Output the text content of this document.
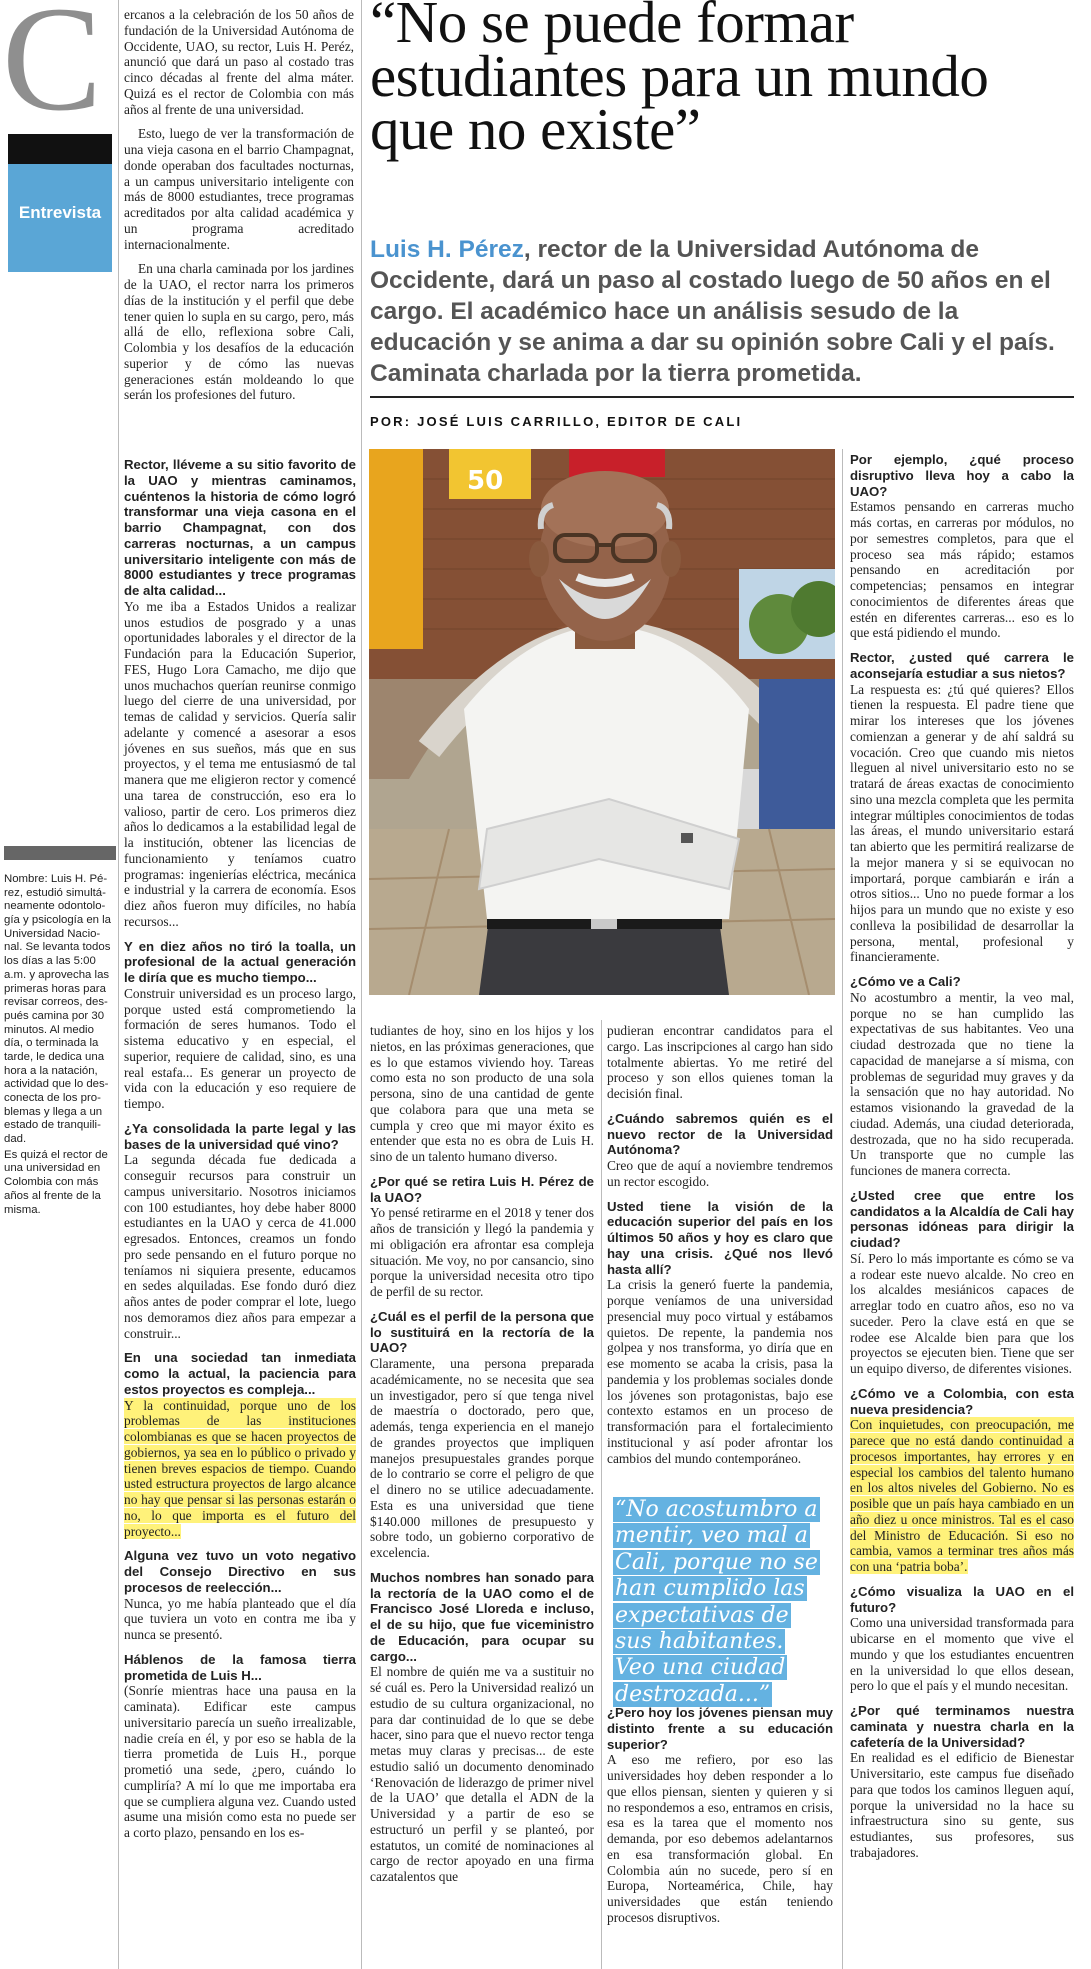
C
Entrevista

Nombre: Luis H. Pé-rez, estudió simultá-neamente odontolo-gía y psicología en la Universidad Nacio-nal. Se levanta todos los días a las 5:00 a.m. y aprovecha las primeras horas para revisar correos, des-pués camina por 30 minutos. Al medio día, o terminada la tarde, le dedica una hora a la natación, actividad que lo des-conecta de los pro-blemas y llega a un estado de tranquili-dad.

Es quizá el rector de una universidad en Colombia con más años al frente de la misma.

ercanos a la celebración de los 50 años de fundación de la Universidad Autónoma de Occidente, UAO, su rector, Luis H. Peréz, anunció que dará un paso al costado tras cinco décadas al frente del alma máter. Quizá es el rector de Colombia con más años al frente de una universidad.

Esto, luego de ver la transformación de una vieja casona en el barrio Champagnat, donde operaban dos facultades nocturnas, a un campus universitario inteligente con más de 8000 estudiantes, trece programas acreditados por alta calidad académica y un programa acreditado internacionalmente.

En una charla caminada por los jardines de la UAO, el rector narra los primeros días de la institución y el perfil que debe tener quien lo supla en su cargo, pero, más allá de ello, reflexiona sobre Cali, Colombia y los desafíos de la educación superior y de cómo las nuevas generaciones están moldeando lo que serán los profesiones del futuro.

“No se puede formar estudiantes para un mundo que no existe”
Luis H. Pérez, rector de la Universidad Autónoma de Occidente, dará un paso al costado luego de 50 años en el cargo. El académico hace un análisis sesudo de la educación y se anima a dar su opinión sobre Cali y el país. Caminata charlada por la tierra prometida.
POR: JOSÉ LUIS CARRILLO, EDITOR DE CALI

Rector, lléveme a su sitio favorito de la UAO y mientras caminamos, cuéntenos la historia de cómo logró transformar una vieja casona en el barrio Champagnat, con dos carreras nocturnas, a un campus universitario inteligente con más de 8000 estudiantes y trece programas de alta calidad...
Yo me iba a Estados Unidos a realizar unos estudios de posgrado y a unas oportunidades laborales y el director de la Fundación para la Educación Superior, FES, Hugo Lora Camacho, me dijo que unos muchachos querían reunirse conmigo luego del cierre de una universidad, por temas de calidad y servicios. Quería salir adelante y comencé a asesorar a esos jóvenes en sus sueños, más que en sus proyectos, y el tema me entusiasmó de tal manera que me eligieron rector y comencé una tarea de construcción, eso era lo valioso, partir de cero. Los primeros diez años lo dedicamos a la estabilidad legal de la institución, obtener las licencias de funcionamiento y teníamos cuatro programas: ingenierías eléctrica, mecánica e industrial y la carrera de economía. Esos diez años fueron muy difíciles, no había recursos...

Y en diez años no tiró la toalla, un profesional de la actual generación le diría que es mucho tiempo...
Construir universidad es un proceso largo, porque usted está comprometiendo la formación de seres humanos. Todo el sistema educativo y en especial, el superior, requiere de calidad, sino, es una real estafa... Es generar un proyecto de vida con la educación y eso requiere de tiempo.

¿Ya consolidada la parte legal y las bases de la universidad qué vino?
La segunda década fue dedicada a conseguir recursos para construir un campus universitario. Nosotros iniciamos con 100 estudiantes, hoy debe haber 8000 estudiantes en la UAO y cerca de 41.000 egresados. Entonces, creamos un fondo pro sede pensando en el futuro porque no teníamos ni siquiera presente, educamos en sedes alquiladas. Ese fondo duró diez años antes de poder comprar el lote, luego nos demoramos diez años para empezar a construir...

En una sociedad tan inmediata como la actual, la paciencia para estos proyectos es compleja...
Y la continuidad, porque uno de los problemas de las instituciones colombianas es que se hacen proyectos de gobiernos, ya sea en lo público o privado y tienen breves espacios de tiempo. Cuando usted estructura proyectos de largo alcance no hay que pensar si las personas estarán o no, lo que importa es el futuro del proyecto...

Alguna vez tuvo un voto negativo del Consejo Directivo en sus procesos de reelección...
Nunca, yo me había planteado que el día que tuviera un voto en contra me iba y nunca se presentó.

Háblenos de la famosa tierra prometida de Luis H...
(Sonríe mientras hace una pausa en la caminata). Edificar este campus universitario parecía un sueño irrealizable, nadie creía en él, y por eso se habla de la tierra prometida de Luis H., porque prometió una sede, ¿pero, cuándo lo cumpliría? A mí lo que me importaba era que se cumpliera alguna vez. Cuando usted asume una misión como esta no puede ser a corto plazo, pensando en los es-

50

tudiantes de hoy, sino en los hijos y los nietos, en las próximas generaciones, que es lo que estamos viviendo hoy. Tareas como esta no son producto de una sola persona, sino de una cantidad de gente que colabora para que una meta se cumpla y creo que mi mayor éxito es entender que esta no es obra de Luis H. sino de un talento humano diverso.

¿Por qué se retira Luis H. Pérez de la UAO?
Yo pensé retirarme en el 2018 y tener dos años de transición y llegó la pandemia y mi obligación era afrontar esa compleja situación. Me voy, no por cansancio, sino porque la universidad necesita otro tipo de perfil de su rector.

¿Cuál es el perfil de la persona que lo sustituirá en la rectoría de la UAO?
Claramente, una persona preparada académicamente, no se necesita que sea un investigador, pero sí que tenga nivel de maestría o doctorado, pero que, además, tenga experiencia en el manejo de grandes proyectos que impliquen manejos presupuestales grandes porque de lo contrario se corre el peligro de que el dinero no se utilice adecuadamente. Esta es una universidad que tiene $140.000 millones de presupuesto y sobre todo, un gobierno corporativo de excelencia.

Muchos nombres han sonado para la rectoría de la UAO como el de Francisco José Lloreda e incluso, el de su hijo, que fue viceministro de Educación, para ocupar su cargo...
El nombre de quién me va a sustituir no sé cuál es. Pero la Universidad realizó un estudio de su cultura organizacional, no para dar continuidad de lo que se debe hacer, sino para que el nuevo rector tenga metas muy claras y precisas... de este estudio salió un documento denominado ‘Renovación de liderazgo de primer nivel de la UAO’ que detalla el ADN de la Universidad y a partir de eso se estructuró un perfil y se planteó, por estatutos, un comité de nominaciones al cargo de rector apoyado en una firma cazatalentos que

pudieran encontrar candidatos para el cargo. Las inscripciones al cargo han sido totalmente abiertas. Yo me retiré del proceso y son ellos quienes toman la decisión final.

¿Cuándo sabremos quién es el nuevo rector de la Universidad Autónoma?
Creo que de aquí a noviembre tendremos un rector escogido.

Usted tiene la visión de la educación superior del país en los últimos 50 años y hoy es claro que hay una crisis. ¿Qué nos llevó hasta allí?
La crisis la generó fuerte la pandemia, porque veníamos de una universidad presencial muy poco virtual y estábamos quietos. De repente, la pandemia nos golpea y nos transforma, yo diría que en ese momento se acaba la crisis, pasa la pandemia y los problemas sociales donde los jóvenes son protagonistas, bajo ese contexto estamos en un proceso de transformación para el fortalecimiento institucional y así poder afrontar los cambios del mundo contemporáneo.

“No acostumbro a mentir, veo mal a Cali, porque no se han cumplido las expectativas de sus habitantes. Veo una ciudad destrozada...”

¿Pero hoy los jóvenes piensan muy distinto frente a su educación superior?
A eso me refiero, por eso las universidades hoy deben responder a lo que ellos piensan, sienten y quieren y si no respondemos a eso, entramos en crisis, esa es la tarea que el momento nos demanda, por eso debemos adelantarnos en esa transformación global. En Colombia aún no sucede, pero sí en Europa, Norteamérica, Chile, hay universidades que están teniendo procesos disruptivos.

Por ejemplo, ¿qué proceso disruptivo lleva hoy a cabo la UAO?
Estamos pensando en carreras mucho más cortas, en carreras por módulos, no por semestres completos, para que el proceso sea más rápido; estamos pensando en acreditación por competencias; pensamos en integrar conocimientos de diferentes áreas que estén en diferentes carreras... eso es lo que está pidiendo el mundo.

Rector, ¿usted qué carrera le aconsejaría estudiar a sus nietos?
La respuesta es: ¿tú qué quieres? Ellos tienen la respuesta. El padre tiene que mirar los intereses que los jóvenes comienzan a generar y de ahí saldrá su vocación. Creo que cuando mis nietos lleguen al nivel universitario esto no se tratará de áreas exactas de conocimiento sino una mezcla completa que les permita integrar múltiples conocimientos de todas las áreas, el mundo universitario estará tan abierto que les permitirá realizarse de la mejor manera y si se equivocan no importará, porque cambiarán e irán a otros sitios... Uno no puede formar a los hijos para un mundo que no existe y eso conlleva la posibilidad de desarrollar la persona, mental, profesional y financieramente.

¿Cómo ve a Cali?
No acostumbro a mentir, la veo mal, porque no se han cumplido las expectativas de sus habitantes. Veo una ciudad destrozada que no tiene la capacidad de manejarse a sí misma, con problemas de seguridad muy graves y da la sensación que no hay autoridad. No estamos visionando la gravedad de la ciudad. Además, una ciudad deteriorada, destrozada, que no ha sido recuperada. Un transporte que no cumple las funciones de manera correcta.

¿Usted cree que entre los candidatos a la Alcaldía de Cali hay personas idóneas para dirigir la ciudad?
Sí. Pero lo más importante es cómo se va a rodear este nuevo alcalde. No creo en los alcaldes mesiánicos capaces de arreglar todo en cuatro años, eso no va suceder. Pero la clave está en que se rodee ese Alcalde bien para que los proyectos se ejecuten bien. Tiene que ser un equipo diverso, de diferentes visiones.

¿Cómo ve a Colombia, con esta nueva presidencia?
Con inquietudes, con preocupación, me parece que no está dando continuidad a procesos importantes, hay errores y en especial los cambios del talento humano en los altos niveles del Gobierno. No es posible que un país haya cambiado en un año diez u once ministros. Tal es el caso del Ministro de Educación. Si eso no cambia, vamos a terminar tres años más con una ‘patria boba’.

¿Cómo visualiza la UAO en el futuro?
Como una universidad transformada para ubicarse en el momento que vive el mundo y que los estudiantes encuentren en la universidad lo que ellos desean, pero lo que el país y el mundo necesitan.

¿Por qué terminamos nuestra caminata y nuestra charla en la cafetería de la Universidad?
En realidad es el edificio de Bienestar Universitario, este campus fue diseñado para que todos los caminos lleguen aquí, porque la universidad no la hace su infraestructura sino su gente, sus estudiantes, sus profesores, sus trabajadores.
